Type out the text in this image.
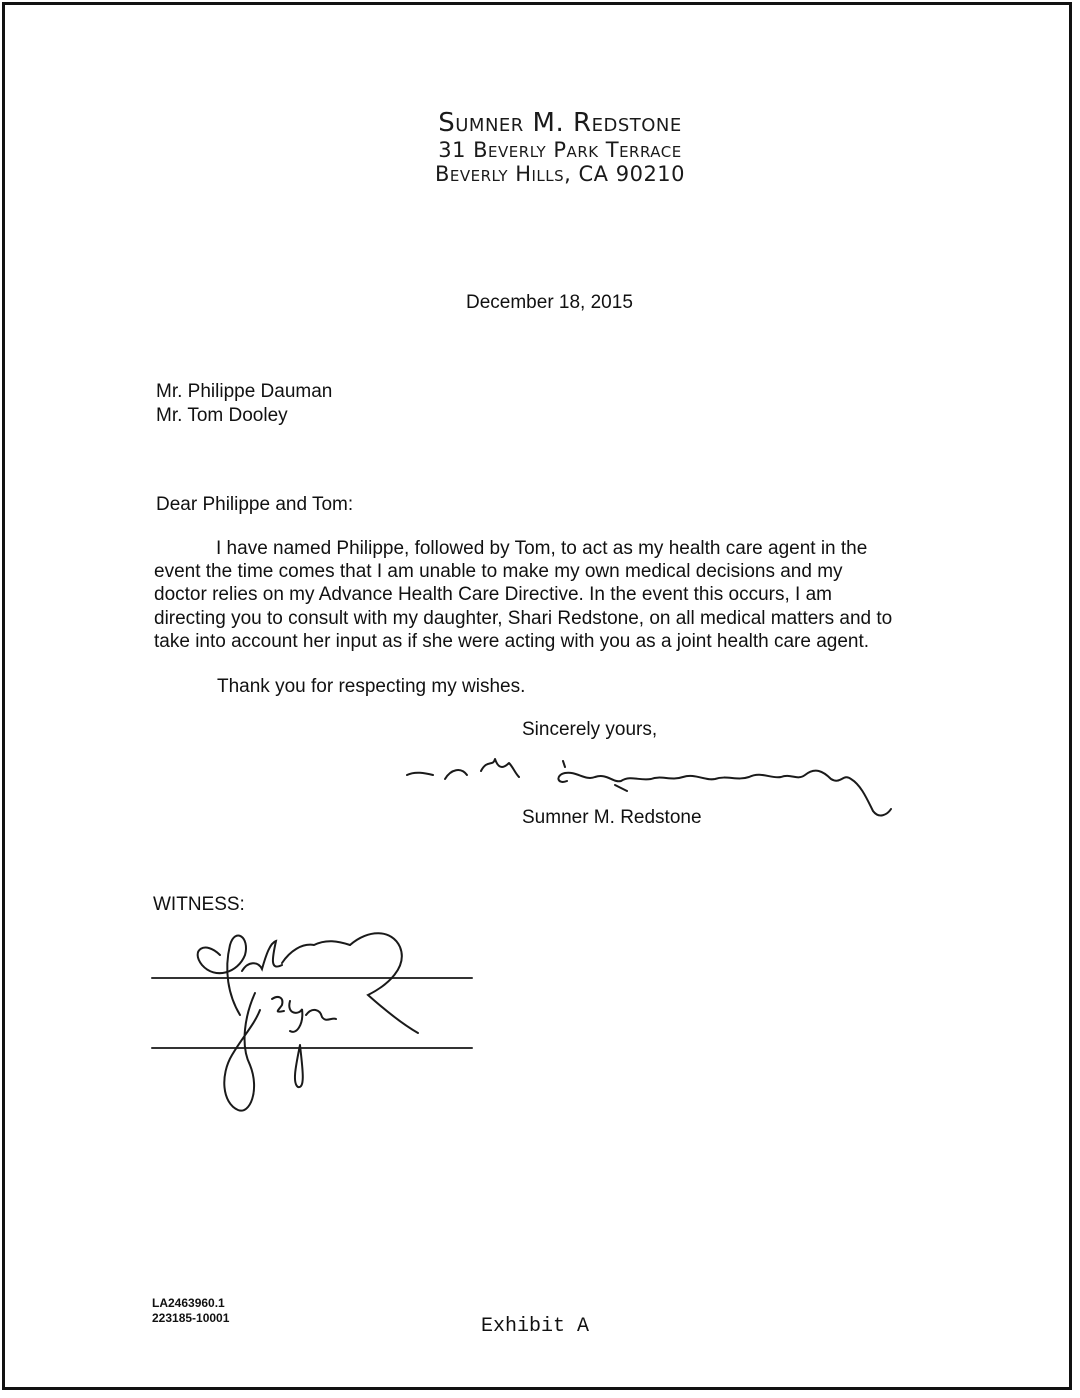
Sumner M. Redstone
31 Beverly Park Terrace
Beverly Hills, CA 90210
December 18, 2015
Mr. Philippe Dauman
Mr. Tom Dooley
Dear Philippe and Tom:
I have named Philippe, followed by Tom, to act as my health care agent in the
event the time comes that I am unable to make my own medical decisions and my
doctor relies on my Advance Health Care Directive. In the event this occurs, I am
directing you to consult with my daughter, Shari Redstone, on all medical matters and to
take into account her input as if she were acting with you as a joint health care agent.
Thank you for respecting my wishes.
Sincerely yours,
Sumner M. Redstone
WITNESS:
LA2463960.1
223185-10001	Exhibit A
